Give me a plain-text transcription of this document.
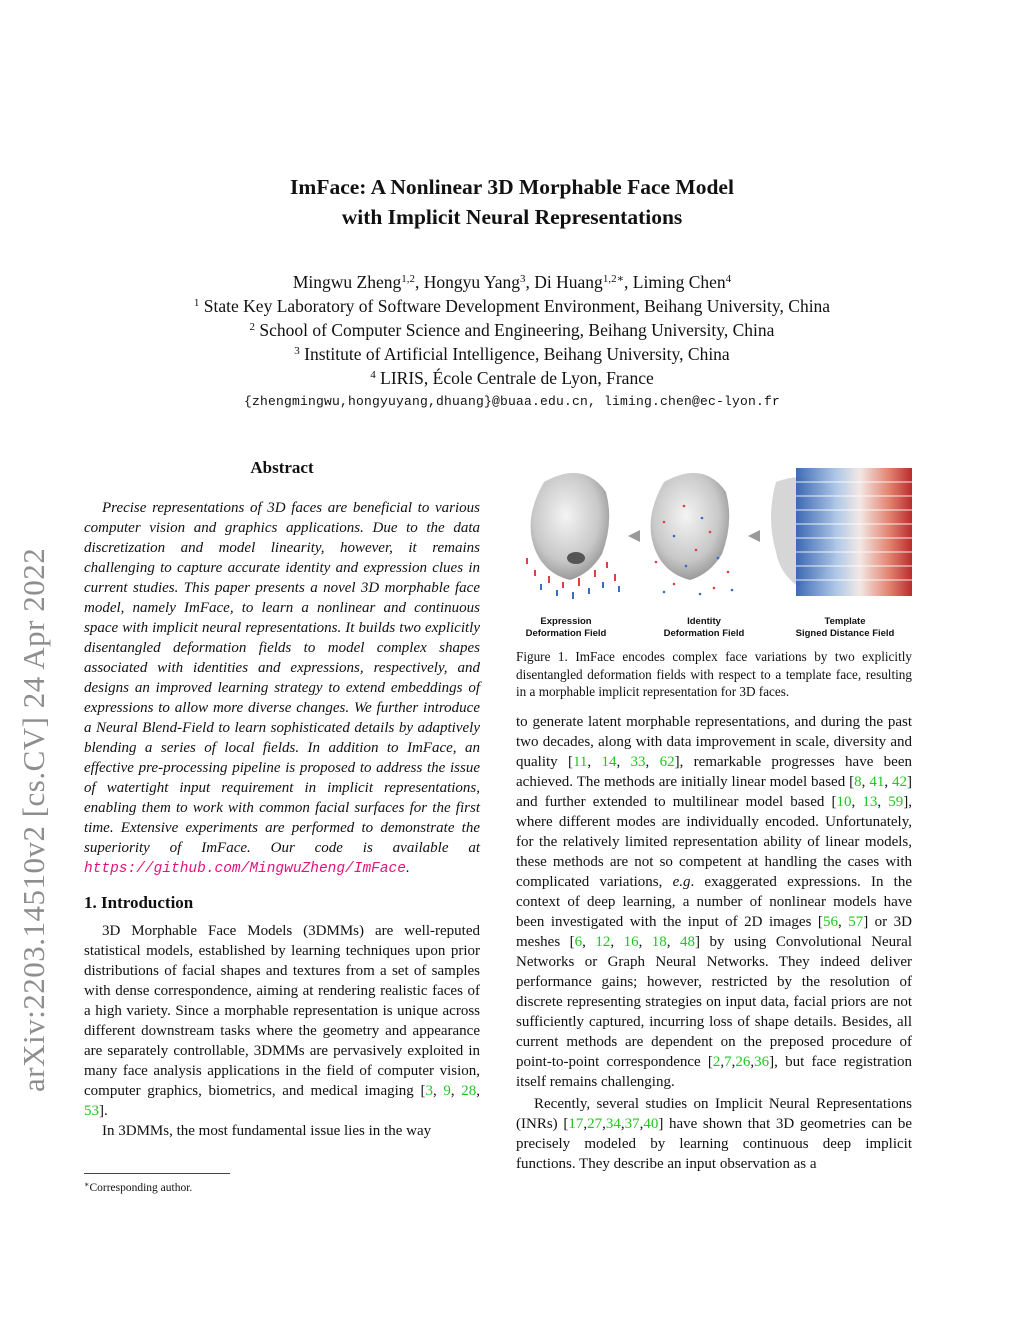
arXiv:2203.14510v2 [cs.CV] 24 Apr 2022
ImFace: A Nonlinear 3D Morphable Face Model
with Implicit Neural Representations
Mingwu Zheng$^{1,2}$, Hongyu Yang$^3$, Di Huang$^{1,2∗}$, Liming Chen$^4$
$^1$ State Key Laboratory of Software Development Environment, Beihang University, China
$^2$ School of Computer Science and Engineering, Beihang University, China
$^3$ Institute of Artificial Intelligence, Beihang University, China
$^4$ LIRIS, École Centrale de Lyon, France
{zhengmingwu,hongyuyang,dhuang}@buaa.edu.cn, liming.chen@ec-lyon.fr
Abstract

Precise representations of 3D faces are beneficial to various computer vision and graphics applications. Due to the data discretization and model linearity, however, it remains challenging to capture accurate identity and expression clues in current studies. This paper presents a novel 3D morphable face model, namely ImFace, to learn a nonlinear and continuous space with implicit neural representations. It builds two explicitly disentangled deformation fields to model complex shapes associated with identities and expressions, respectively, and designs an improved learning strategy to extend embeddings of expressions to allow more diverse changes. We further introduce a Neural Blend-Field to learn sophisticated details by adaptively blending a series of local fields. In addition to ImFace, an effective pre-processing pipeline is proposed to address the issue of watertight input requirement in implicit representations, enabling them to work with common facial surfaces for the first time. Extensive experiments are performed to demonstrate the superiority of ImFace. Our code is available at https://github.com/MingwuZheng/ImFace.

1. Introduction

3D Morphable Face Models (3DMMs) are well-reputed statistical models, established by learning techniques upon prior distributions of facial shapes and textures from a set of samples with dense correspondence, aiming at rendering realistic faces of a high variety. Since a morphable representation is unique across different downstream tasks where the geometry and appearance are separately controllable, 3DMMs are pervasively exploited in many face analysis applications in the field of computer vision, computer graphics, biometrics, and medical imaging [3, 9, 28, 53].

In 3DMMs, the most fundamental issue lies in the way

∗Corresponding author.
Expression
Deformation Field
Identity
Deformation Field
Template
Signed Distance Field
Figure 1. ImFace encodes complex face variations by two explicitly disentangled deformation fields with respect to a template face, resulting in a morphable implicit representation for 3D faces.

to generate latent morphable representations, and during the past two decades, along with data improvement in scale, diversity and quality [11, 14, 33, 62], remarkable progresses have been achieved. The methods are initially linear model based [8, 41, 42] and further extended to multilinear model based [10, 13, 59], where different modes are individually encoded. Unfortunately, for the relatively limited representation ability of linear models, these methods are not so competent at handling the cases with complicated variations, e.g. exaggerated expressions. In the context of deep learning, a number of nonlinear models have been investigated with the input of 2D images [56, 57] or 3D meshes [6, 12, 16, 18, 48] by using Convolutional Neural Networks or Graph Neural Networks. They indeed deliver performance gains; however, restricted by the resolution of discrete representing strategies on input data, facial priors are not sufficiently captured, incurring loss of shape details. Besides, all current methods are dependent on the preposed procedure of point-to-point correspondence [2,7,26,36], but face registration itself remains challenging.

Recently, several studies on Implicit Neural Representations (INRs) [17,27,34,37,40] have shown that 3D geometries can be precisely modeled by learning continuous deep implicit functions. They describe an input observation as a
